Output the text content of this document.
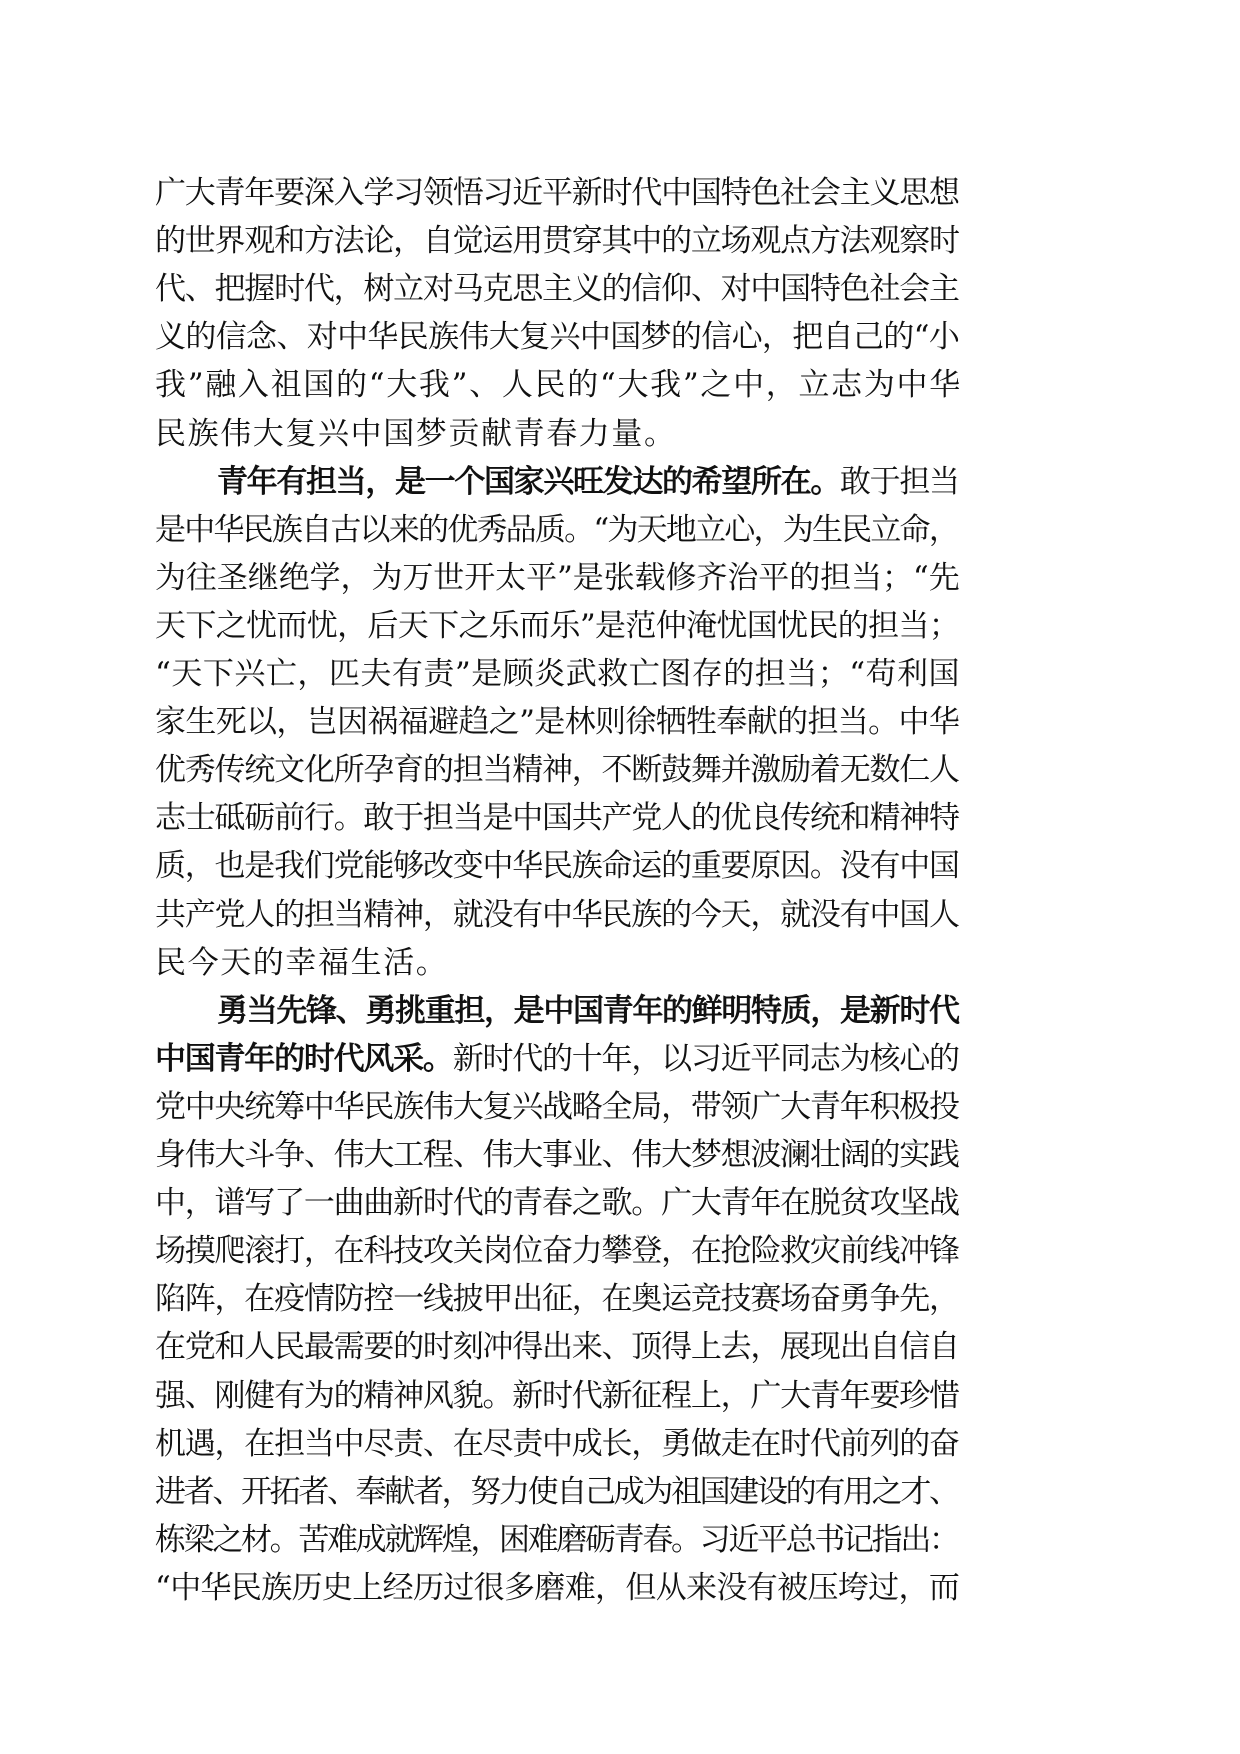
广大青年要深入学习领悟习近平新时代中国特色社会主义思想
的世界观和方法论，自觉运用贯穿其中的立场观点方法观察时
代、把握时代，树立对马克思主义的信仰、对中国特色社会主
义的信念、对中华民族伟大复兴中国梦的信心，把自己的“小
我”融入祖国的“大我”、人民的“大我”之中，立志为中华
民族伟大复兴中国梦贡献青春力量。
青年有担当，是一个国家兴旺发达的希望所在。敢于担当
是中华民族自古以来的优秀品质。“为天地立心，为生民立命，
为往圣继绝学，为万世开太平”是张载修齐治平的担当；“先
天下之忧而忧，后天下之乐而乐”是范仲淹忧国忧民的担当；
“天下兴亡，匹夫有责”是顾炎武救亡图存的担当；“苟利国
家生死以，岂因祸福避趋之”是林则徐牺牲奉献的担当。中华
优秀传统文化所孕育的担当精神，不断鼓舞并激励着无数仁人
志士砥砺前行。敢于担当是中国共产党人的优良传统和精神特
质，也是我们党能够改变中华民族命运的重要原因。没有中国
共产党人的担当精神，就没有中华民族的今天，就没有中国人
民今天的幸福生活。
勇当先锋、勇挑重担，是中国青年的鲜明特质，是新时代
中国青年的时代风采。新时代的十年，以习近平同志为核心的
党中央统筹中华民族伟大复兴战略全局，带领广大青年积极投
身伟大斗争、伟大工程、伟大事业、伟大梦想波澜壮阔的实践
中，谱写了一曲曲新时代的青春之歌。广大青年在脱贫攻坚战
场摸爬滚打，在科技攻关岗位奋力攀登，在抢险救灾前线冲锋
陷阵，在疫情防控一线披甲出征，在奥运竞技赛场奋勇争先，
在党和人民最需要的时刻冲得出来、顶得上去，展现出自信自
强、刚健有为的精神风貌。新时代新征程上，广大青年要珍惜
机遇，在担当中尽责、在尽责中成长，勇做走在时代前列的奋
进者、开拓者、奉献者，努力使自己成为祖国建设的有用之才、
栋梁之材。苦难成就辉煌，困难磨砺青春。习近平总书记指出：
“中华民族历史上经历过很多磨难，但从来没有被压垮过，而
